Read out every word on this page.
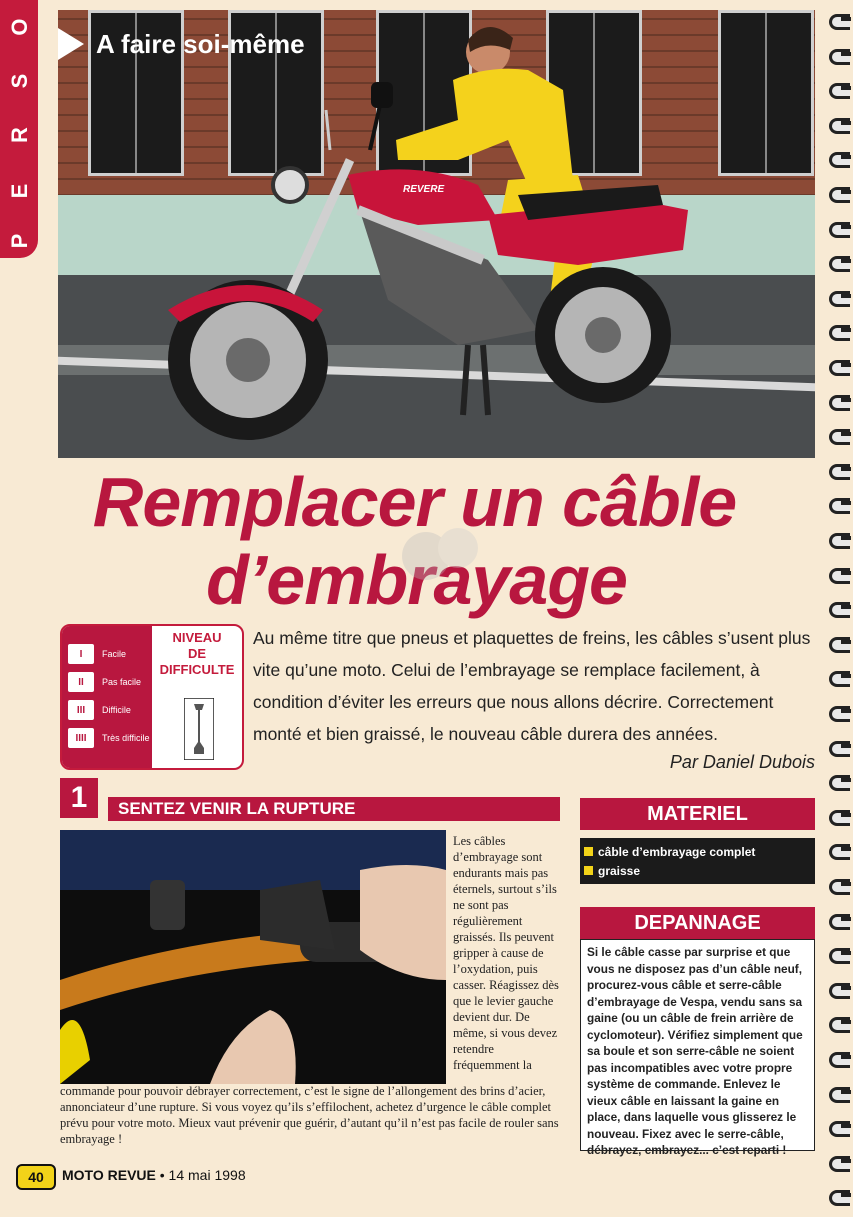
P
E
R
S
O
REVERE
A faire soi-même
Remplacer un câble
d’embrayage
I	Facile
II	Pas facile
III	Difficile
IIII	Très difficile
NIVEAU
DE
DIFFICULTE

Au même titre que pneus et plaquettes de freins, les câbles s’usent plus vite qu’une moto. Celui de l’embrayage se remplace facilement, à condition d’éviter les erreurs que nous allons décrire. Correctement monté et bien graissé, le nouveau câble durera des années.

Par Daniel Dubois
1	SENTEZ VENIR LA RUPTURE

Les câbles d’embrayage sont endurants mais pas éternels, surtout s’ils ne sont pas régulièrement graissés. Ils peuvent gripper à cause de l’oxydation, puis casser. Réagissez dès que le levier gauche devient dur. De même, si vous devez retendre fréquemment la

commande pour pouvoir débrayer correctement, c’est le signe de l’allongement des brins d’acier, annonciateur d’une rupture. Si vous voyez qu’ils s’effilochent, achetez d’urgence le câble complet prévu pour votre moto. Mieux vaut prévenir que guérir, d’autant qu’il n’est pas facile de rouler sans embrayage !

MATERIEL
câble d’embrayage complet
graisse
DEPANNAGE

Si le câble casse par surprise et que vous ne disposez pas d’un câble neuf, procurez-vous câble et serre-câble d’embrayage de Vespa, vendu sans sa gaine (ou un câble de frein arrière de cyclomoteur). Vérifiez simplement que sa boule et son serre-câble ne soient pas incompatibles avec votre propre système de commande. Enlevez le vieux câble en laissant la gaine en place, dans laquelle vous glisserez le nouveau. Fixez avec le serre-câble, débrayez, embrayez... c’est reparti !

40	MOTO REVUE • 14 mai 1998
